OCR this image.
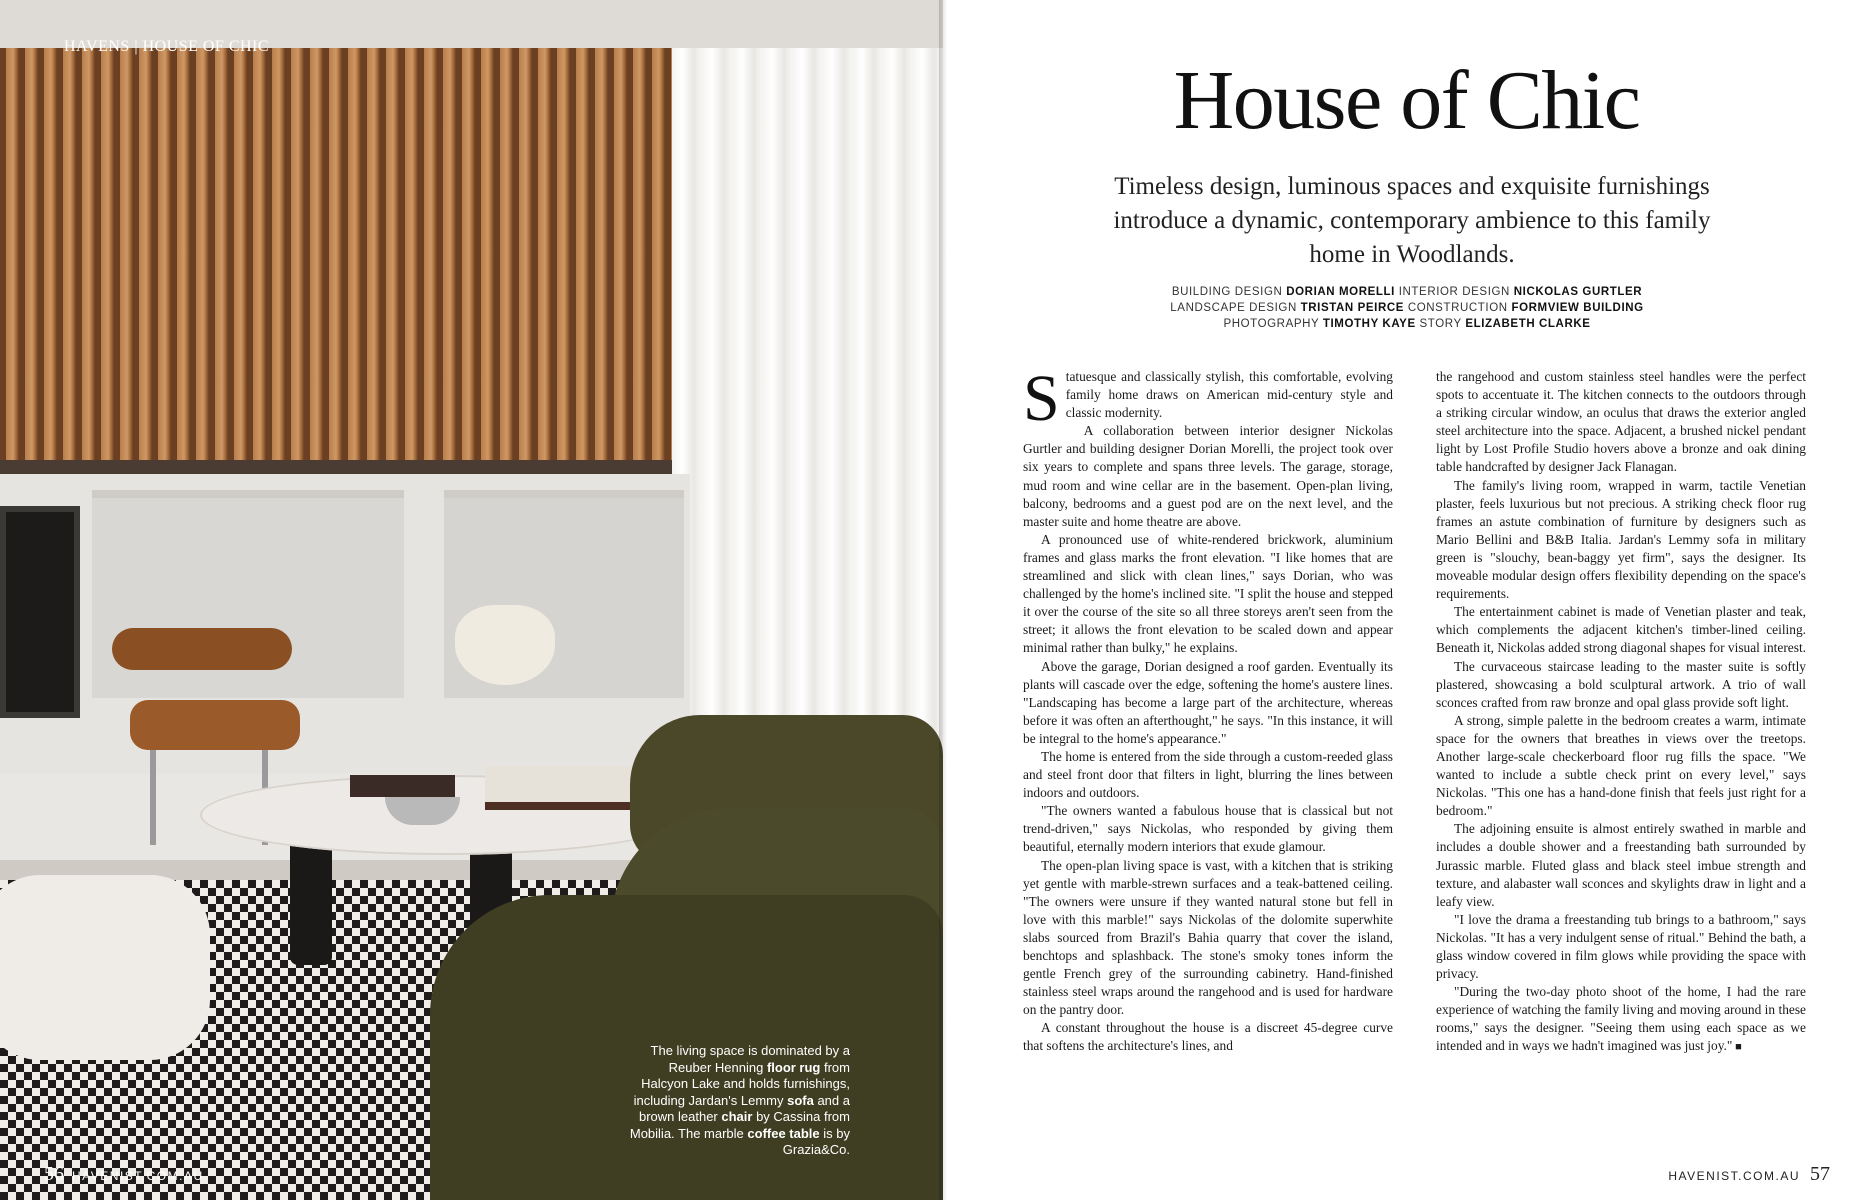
HAVENS | HOUSE OF CHIC
The living space is dominated by a Reuber Henning floor rug from Halcyon Lake and holds furnishings, including Jardan's Lemmy sofa and a brown leather chair by Cassina from Mobilia. The marble coffee table is by Grazia&Co.
56 HAVENIST.COM.AU
House of Chic
Timeless design, luminous spaces and exquisite furnishings introduce a dynamic, contemporary ambience to this family home in Woodlands.
BUILDING DESIGN DORIAN MORELLI INTERIOR DESIGN NICKOLAS GURTLER
LANDSCAPE DESIGN TRISTAN PEIRCE CONSTRUCTION FORMVIEW BUILDING
PHOTOGRAPHY TIMOTHY KAYE STORY ELIZABETH CLARKE

Statuesque and classically stylish, this comfortable, evolving family home draws on American mid-century style and classic modernity.

A collaboration between interior designer Nickolas Gurtler and building designer Dorian Morelli, the project took over six years to complete and spans three levels. The garage, storage, mud room and wine cellar are in the basement. Open-plan living, balcony, bedrooms and a guest pod are on the next level, and the master suite and home theatre are above.

A pronounced use of white-rendered brickwork, aluminium frames and glass marks the front elevation. "I like homes that are streamlined and slick with clean lines," says Dorian, who was challenged by the home's inclined site. "I split the house and stepped it over the course of the site so all three storeys aren't seen from the street; it allows the front elevation to be scaled down and appear minimal rather than bulky," he explains.

Above the garage, Dorian designed a roof garden. Eventually its plants will cascade over the edge, softening the home's austere lines. "Landscaping has become a large part of the architecture, whereas before it was often an afterthought," he says. "In this instance, it will be integral to the home's appearance."

The home is entered from the side through a custom-reeded glass and steel front door that filters in light, blurring the lines between indoors and outdoors.

"The owners wanted a fabulous house that is classical but not trend-driven," says Nickolas, who responded by giving them beautiful, eternally modern interiors that exude glamour.

The open-plan living space is vast, with a kitchen that is striking yet gentle with marble-strewn surfaces and a teak-battened ceiling. "The owners were unsure if they wanted natural stone but fell in love with this marble!" says Nickolas of the dolomite superwhite slabs sourced from Brazil's Bahia quarry that cover the island, benchtops and splashback. The stone's smoky tones inform the gentle French grey of the surrounding cabinetry. Hand-finished stainless steel wraps around the rangehood and is used for hardware on the pantry door.

A constant throughout the house is a discreet 45-degree curve that softens the architecture's lines, and

the rangehood and custom stainless steel handles were the perfect spots to accentuate it. The kitchen connects to the outdoors through a striking circular window, an oculus that draws the exterior angled steel architecture into the space. Adjacent, a brushed nickel pendant light by Lost Profile Studio hovers above a bronze and oak dining table handcrafted by designer Jack Flanagan.

The family's living room, wrapped in warm, tactile Venetian plaster, feels luxurious but not precious. A striking check floor rug frames an astute combination of furniture by designers such as Mario Bellini and B&B Italia. Jardan's Lemmy sofa in military green is "slouchy, bean-baggy yet firm", says the designer. Its moveable modular design offers flexibility depending on the space's requirements.

The entertainment cabinet is made of Venetian plaster and teak, which complements the adjacent kitchen's timber-lined ceiling. Beneath it, Nickolas added strong diagonal shapes for visual interest.

The curvaceous staircase leading to the master suite is softly plastered, showcasing a bold sculptural artwork. A trio of wall sconces crafted from raw bronze and opal glass provide soft light.

A strong, simple palette in the bedroom creates a warm, intimate space for the owners that breathes in views over the treetops. Another large-scale checkerboard floor rug fills the space. "We wanted to include a subtle check print on every level," says Nickolas. "This one has a hand-done finish that feels just right for a bedroom."

The adjoining ensuite is almost entirely swathed in marble and includes a double shower and a freestanding bath surrounded by Jurassic marble. Fluted glass and black steel imbue strength and texture, and alabaster wall sconces and skylights draw in light and a leafy view.

"I love the drama a freestanding tub brings to a bathroom," says Nickolas. "It has a very indulgent sense of ritual." Behind the bath, a glass window covered in film glows while providing the space with privacy.

"During the two-day photo shoot of the home, I had the rare experience of watching the family living and moving around in these rooms," says the designer. "Seeing them using each space as we intended and in ways we hadn't imagined was just joy." ■

HAVENIST.COM.AU 57
